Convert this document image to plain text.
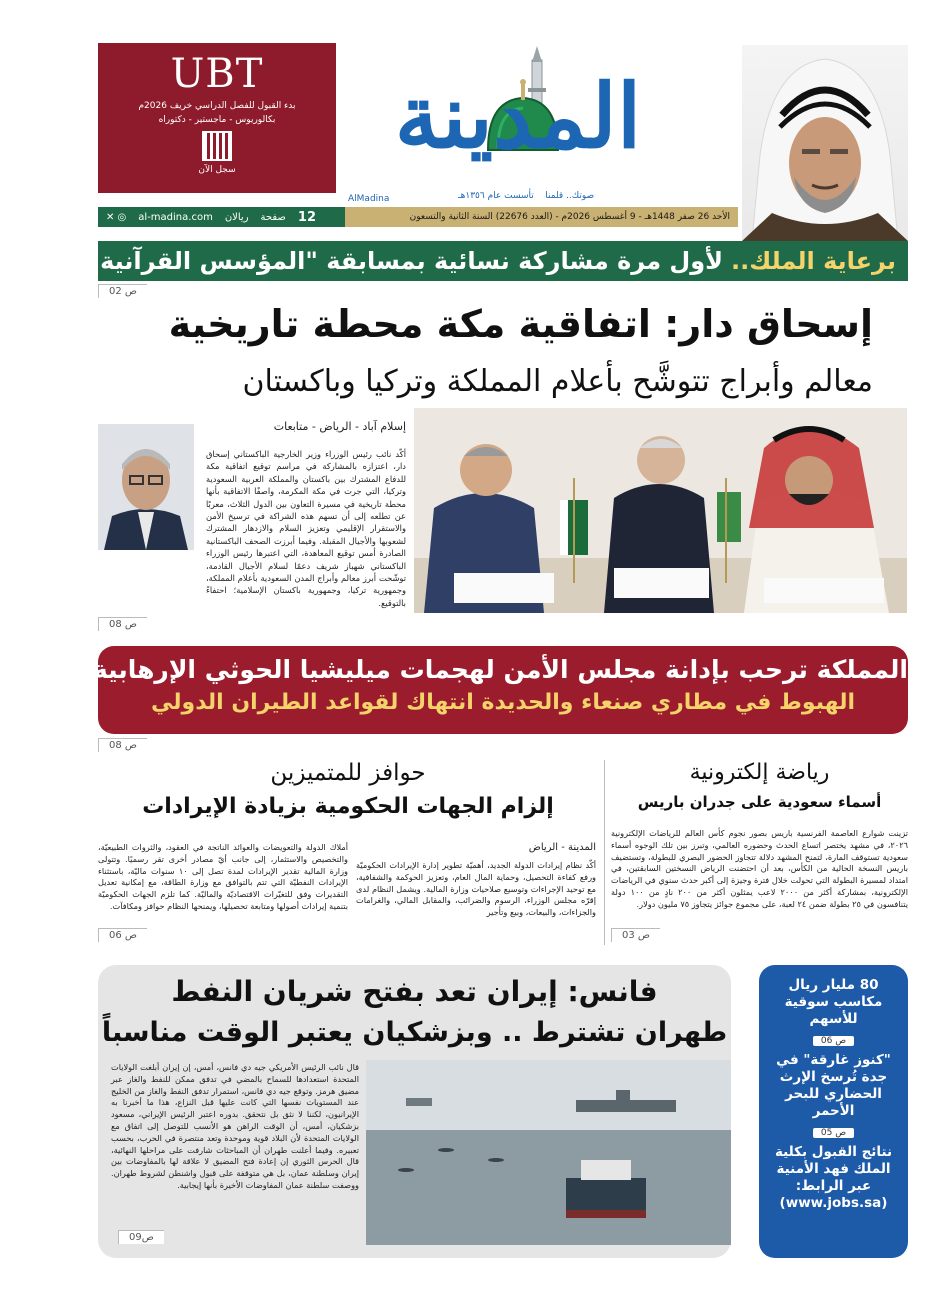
UBT
بدء القبول للفصل الدراسي خريف 2026م
بكالوريوس - ماجستير - دكتوراه
سجل الآن
المدينة
AlMadina	صوتك.. قلمنا    تأسست عام ١٣٥٦هـ
✕ ◎ al-madina.com ريالان صفحة 12	الأحد 26 صفر 1448هـ - 9 أغسطس 2026م - (العدد 22676) السنة الثانية والتسعون
برعاية الملك..
لأول مرة مشاركة نسائية بمسابقة "المؤسس القرآنية الدولية"
ص 02
إسحاق دار: اتفاقية مكة محطة تاريخية
معالم وأبراج تتوشَّح بأعلام المملكة وتركيا وباكستان
إسلام آباد - الرياض - متابعات
أكّد نائب رئيس الوزراء وزير الخارجية الباكستاني إسحاق دار، اعتزازه بالمشاركة في مراسم توقيع اتفاقية مكة للدفاع المشترك بين باكستان والمملكة العربية السعودية وتركيا، التي جرت في مكة المكرمة، واصفًا الاتفاقية بأنها محطة تاريخية في مسيرة التعاون بين الدول الثلاث، معربًا عن تطلعه إلى أن تسهم هذه الشراكة في ترسيخ الأمن والاستقرار الإقليمي وتعزيز السلام والازدهار المشترك لشعوبها والأجيال المقبلة. وفيما أبرزت الصحف الباكستانية الصادرة أمس توقيع المعاهدة، التي اعتبرها رئيس الوزراء الباكستاني شهباز شريف دعمًا لسلام الأجيال القادمة، توشّحت أبرز معالم وأبراج المدن السعودية بأعلام المملكة، وجمهورية تركيا، وجمهورية باكستان الإسلامية؛ احتفاءً بالتوقيع.
ص 08
المملكة ترحب بإدانة مجلس الأمن لهجمات ميليشيا الحوثي الإرهابية
الهبوط في مطاري صنعاء والحديدة انتهاك لقواعد الطيران الدولي
ص 08
رياضة إلكترونية
أسماء سعودية على جدران باريس
تزينت شوارع العاصمة الفرنسية باريس بصور نجوم كأس العالم للرياضات الإلكترونية ٢٠٢٦، في مشهد يختصر اتساع الحدث وحضوره العالمي، وتبرز بين تلك الوجوه أسماء سعودية تستوقف المارة، لتمنح المشهد دلالة تتجاوز الحضور البصري للبطولة، وتستضيف باريس النسخة الحالية من الكأس، بعد أن احتضنت الرياض النسختين السابقتين، في امتداد لمسيرة البطولة التي تحولت خلال فترة وجيزة إلى أكبر حدث سنوي في الرياضات الإلكترونية، بمشاركة أكثر من ٢٠٠٠ لاعب يمثلون أكثر من ٢٠٠ نادٍ من ١٠٠ دولة يتنافسون في ٢٥ بطولة ضمن ٢٤ لعبة، على مجموع جوائز يتجاوز ٧٥ مليون دولار.
ص 03
حوافز للمتميزين
إلزام الجهات الحكومية بزيادة الإيرادات
المدينة - الرياض
أكّد نظام إيرادات الدولة الجديد، أهميّة تطوير إدارة الإيرادات الحكوميّة ورفع كفاءة التحصيل، وحماية المال العام، وتعزيز الحوكمة والشفافية، مع توحيد الإجراءات وتوسيع صلاحيات وزارة المالية. ويشمل النظام لدى إقرّه مجلس الوزراء، الرسوم والضرائب، والمقابل المالي، والغرامات والجزاءات، والبيعات، وبيع وتأجير
أملاك الدولة والتعويضات والعوائد الناتجة في العقود، والثروات الطبيعيّة، والتخصيص والاستثمار، إلى جانب أيّ مصادر أخرى تقر رسميًا. وتتولى وزارة المالية تقدير الإيرادات لمدة تصل إلى ١٠ سنوات ماليّة، باستثناء الإيرادات النفطيّة التي تتم بالتوافق مع وزارة الطاقة، مع إمكانية تعديل التقديرات وفق للتغيّرات الاقتصاديّة والماليّة. كما تلزم الجهات الحكوميّة بتنمية إيرادات أصولها ومتابعة تحصيلها، ويمنحها النظام حوافز ومكافآت.
ص 06
فانس: إيران تعد بفتح شريان النفط
طهران تشترط .. وبزشكيان يعتبر الوقت مناسباً
قال نائب الرئيس الأمريكي جيه دي فانس، أمس، إن إيران أبلغت الولايات المتحدة استعدادها للسماح بالمضي في تدفق ممكن للنفط والغاز عبر مضيق هرمز. وتوقع جيه دي فانس، استمرار تدفق النفط والغاز من الخليج عند المستويات نفسها التي كانت عليها قبل النزاع، هذا ما أخبرنا به الإيرانيون، لكننا لا نثق بل نتحقق. بدوره اعتبر الرئيس الإيراني، مسعود بزشكيان، أمس، أن الوقت الراهن هو الأنسب للتوصل إلى اتفاق مع الولايات المتحدة لأن البلاد قوية وموحدة وتعد منتصرة في الحرب، بحسب تعبيره. وفيما أعلنت طهران أن المباحثات شارفت على مراحلها النهائية، قال الحرس الثوري إن إعادة فتح المضيق لا علاقة لها بالمفاوضات بين إيران وسلطنة عمان، بل هي متوقفة على قبول واشنطن لشروط طهران. ووصفت سلطنة عمان المفاوضات الأخيرة بأنها إيجابية.
ص09
80 مليار ريال مكاسب سوقية للأسهم
ص 06
"كنوز غارقة" في جدة تُرسخ الإرث الحضاري للبحر الأحمر
ص 05
نتائج القبول بكلية الملك فهد الأمنية عبر الرابط: (www.jobs.sa)
